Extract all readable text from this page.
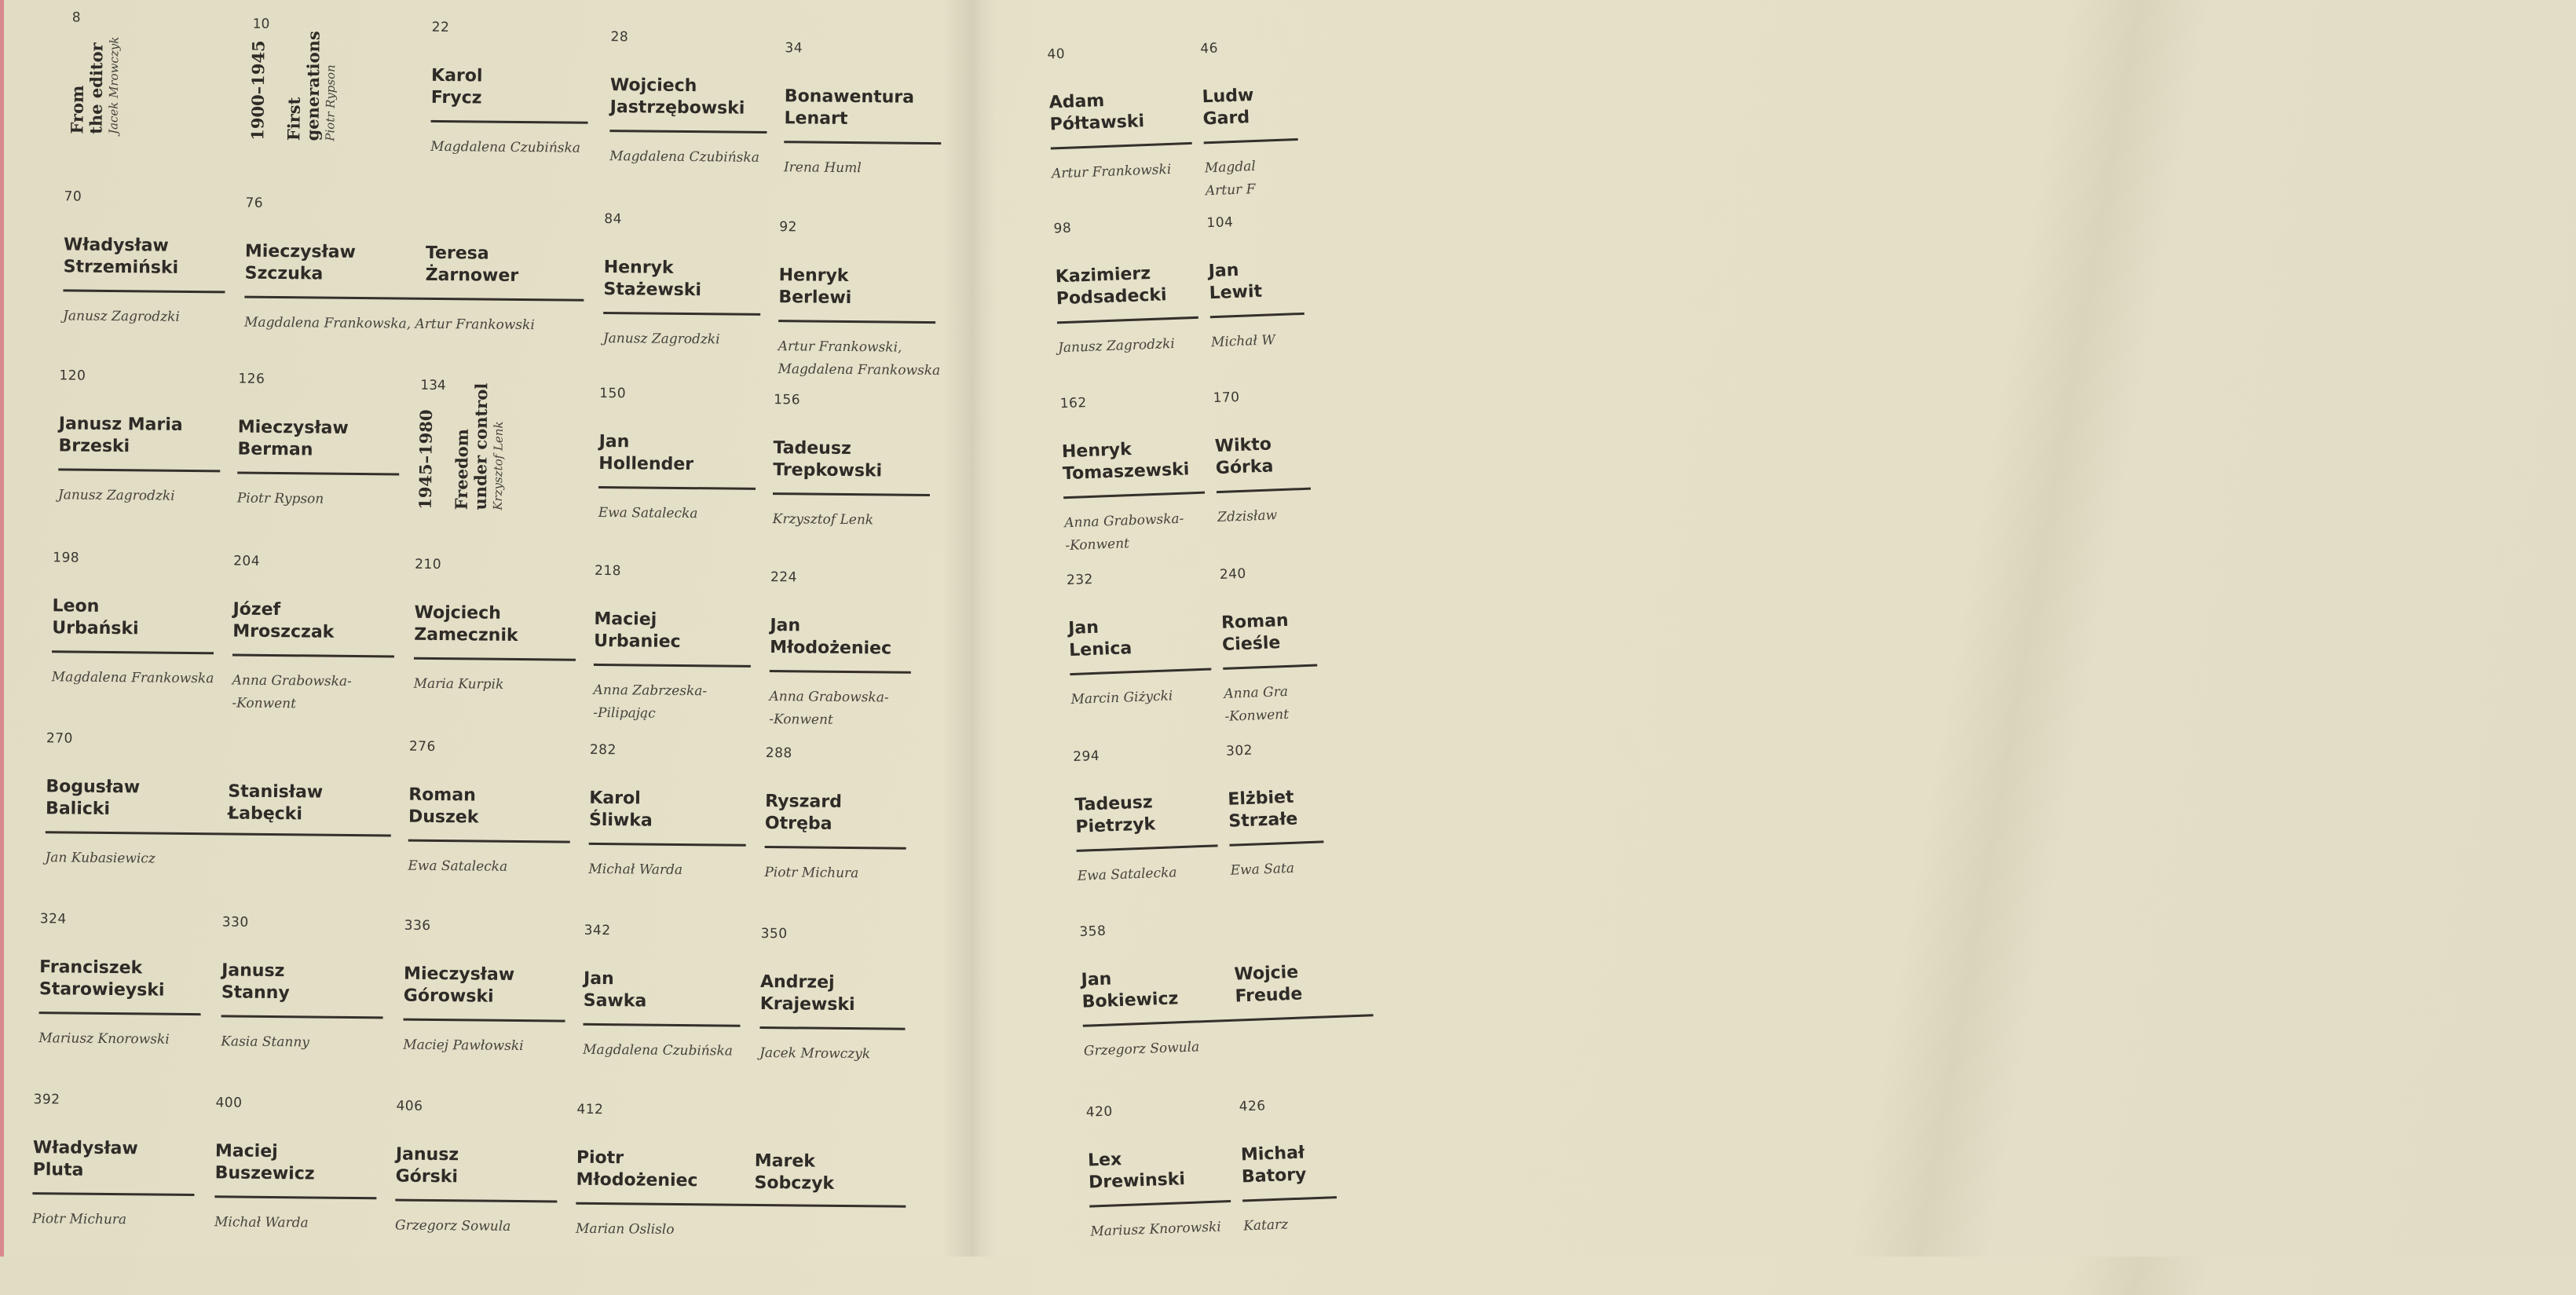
8
From
the editor Jacek Mrowczyk
10
1900–1945 First
generations Piotr Rypson
134
1945–1980 Freedom
under control Krzysztof Lenk
22
Karol
Frycz
Magdalena Czubińska
28
Wojciech
Jastrzębowski
Magdalena Czubińska
34
Bonawentura
Lenart
Irena Huml
70
Władysław
Strzemiński
Janusz Zagrodzki
76
Mieczysław
Szczuka
Magdalena Frankowska, Artur Frankowski
Teresa
Żarnower
84
Henryk
Stażewski
Janusz Zagrodzki
92
Henryk
Berlewi
Artur Frankowski,
Magdalena Frankowska
120
Janusz Maria
Brzeski
Janusz Zagrodzki
126
Mieczysław
Berman
Piotr Rypson
150
Jan
Hollender
Ewa Satalecka
156
Tadeusz
Trepkowski
Krzysztof Lenk
198
Leon
Urbański
Magdalena Frankowska
204
Józef
Mroszczak
Anna Grabowska-
-Konwent
210
Wojciech
Zamecznik
Maria Kurpik
218
Maciej
Urbaniec
Anna Zabrzeska-
-Pilipając
224
Jan
Młodożeniec
Anna Grabowska-
-Konwent
270
Bogusław
Balicki
Jan Kubasiewicz
Stanisław
Łabęcki
276
Roman
Duszek
Ewa Satalecka
282
Karol
Śliwka
Michał Warda
288
Ryszard
Otręba
Piotr Michura
324
Franciszek
Starowieyski
Mariusz Knorowski
330
Janusz
Stanny
Kasia Stanny
336
Mieczysław
Górowski
Maciej Pawłowski
342
Jan
Sawka
Magdalena Czubińska
350
Andrzej
Krajewski
Jacek Mrowczyk
392
Władysław
Pluta
Piotr Michura
400
Maciej
Buszewicz
Michał Warda
406
Janusz
Górski
Grzegorz Sowula
412
Piotr
Młodożeniec
Marian Oslislo
Marek
Sobczyk
40
Adam
Półtawski
Artur Frankowski
46
Ludw
Gard
Magdal
Artur F
98
Kazimierz
Podsadecki
Janusz Zagrodzki
104
Jan
Lewit
Michał W
162
Henryk
Tomaszewski
Anna Grabowska-
-Konwent
170
Wikto
Górka
Zdzisław
232
Jan
Lenica
Marcin Giżycki
240
Roman
Cieśle
Anna Gra
-Konwent
294
Tadeusz
Pietrzyk
Ewa Satalecka
302
Elżbiet
Strzałe
Ewa Sata
358
Jan
Bokiewicz
Grzegorz Sowula
Wojcie
Freude
420
Lex
Drewinski
Mariusz Knorowski
426
Michał
Batory
Katarz
